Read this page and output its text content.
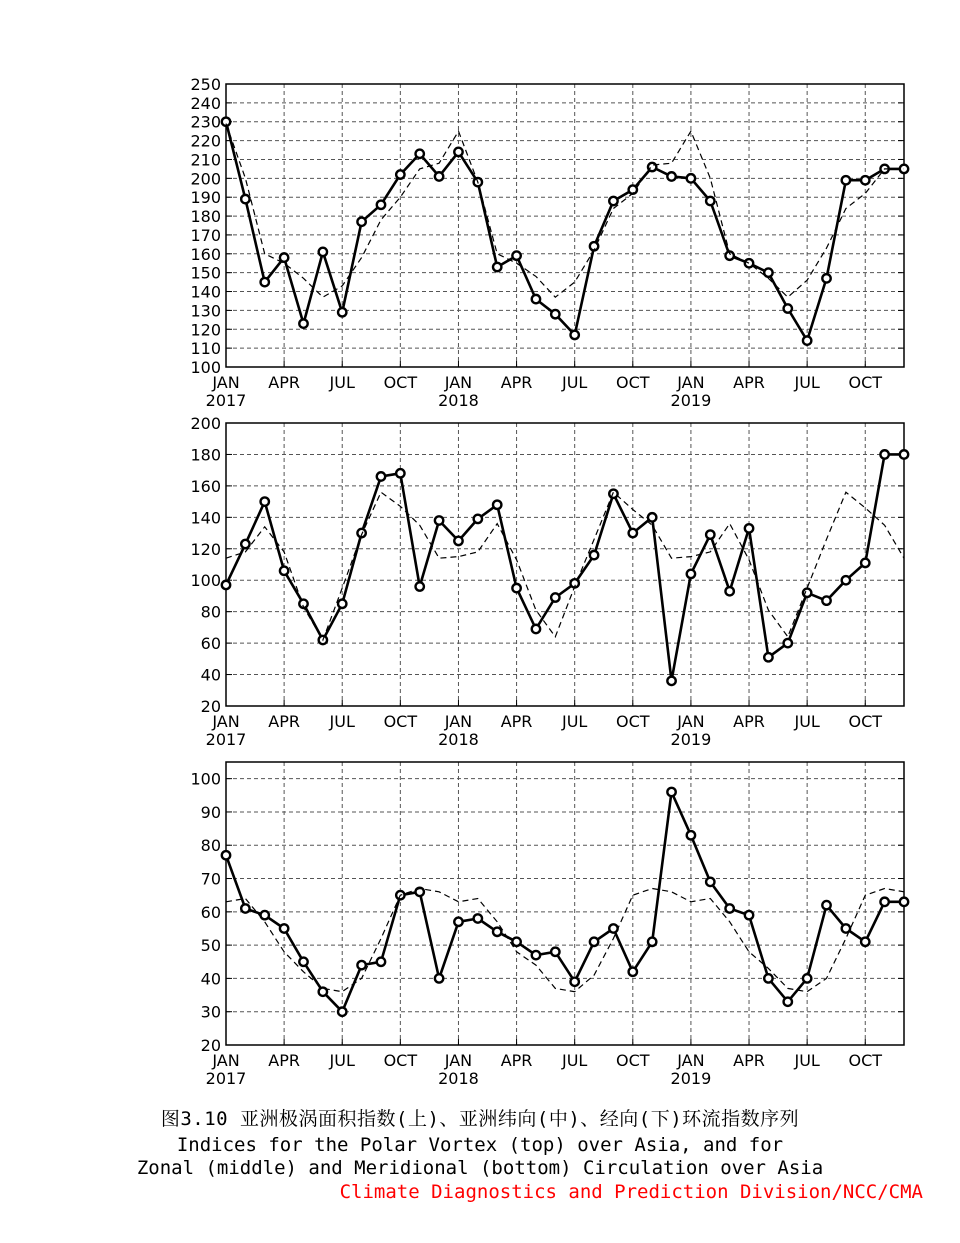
100
110
120
130
140
150
160
170
180
190
200
210
220
230
240
250
JAN APR JUL OCT JAN APR JUL OCT JAN APR JUL OCT
2017	2018	2019
20
40
60
80
100
120
140
160
180
200
JAN APR JUL OCT JAN APR JUL OCT JAN APR JUL OCT
2017	2018	2019
20
30
40
50
60
70
80
90
100
JAN APR JUL OCT JAN APR JUL OCT JAN APR JUL OCT
2017	2018	2019
图3.10 亚洲极涡面积指数(上)、亚洲纬向(中)、经向(下)环流指数序列
Indices for the Polar Vortex (top) over Asia, and for
Zonal (middle) and Meridional (bottom) Circulation over Asia
Climate Diagnostics and Prediction Division/NCC/CMA
